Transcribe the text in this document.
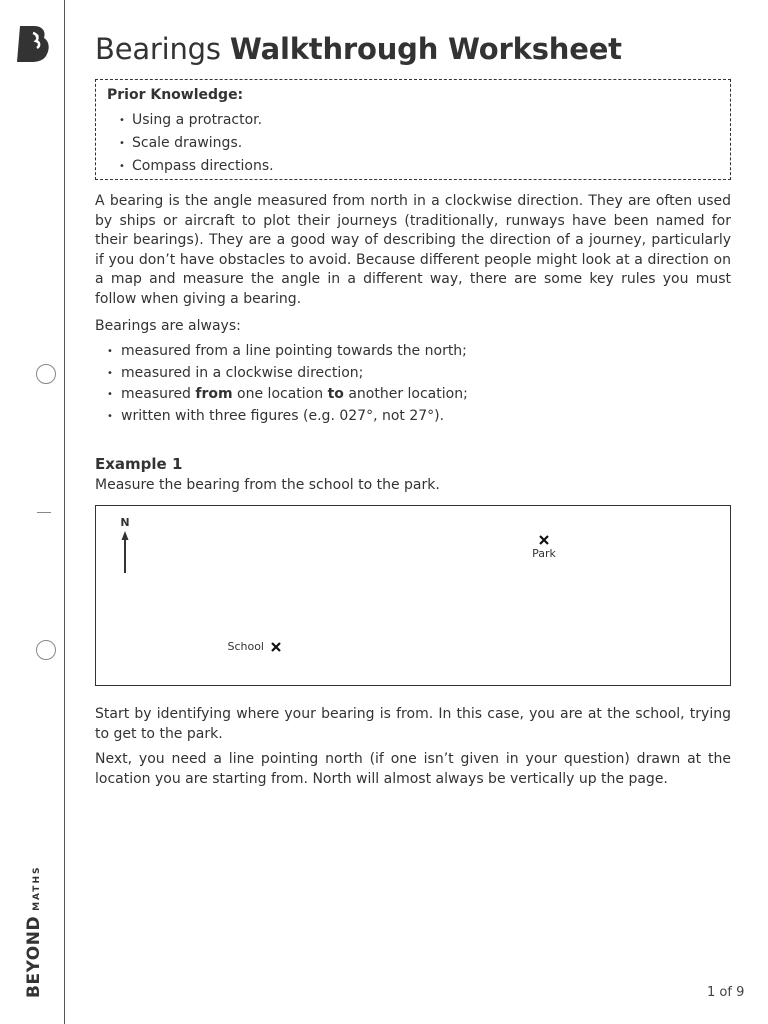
BEYONDMATHS
Bearings Walkthrough Worksheet
Prior Knowledge:
• Using a protractor.
• Scale drawings.
• Compass directions.

A bearing is the angle measured from north in a clockwise direction. They are often used by ships or aircraft to plot their journeys (traditionally, runways have been named for their bearings). They are a good way of describing the direction of a journey, particularly if you don’t have obstacles to avoid. Because different people might look at a direction on a map and measure the angle in a different way, there are some key rules you must follow when giving a bearing.

Bearings are always:

• measured from a line pointing towards the north;
• measured in a clockwise direction;
• measured from one location to another location;
• written with three figures (e.g. 027°, not 27°).
Example 1
Measure the bearing from the school to the park.
N
Park
School

Start by identifying where your bearing is from. In this case, you are at the school, trying to get to the park.

Next, you need a line pointing north (if one isn’t given in your question) drawn at the location you are starting from. North will almost always be vertically up the page.

1 of 9
